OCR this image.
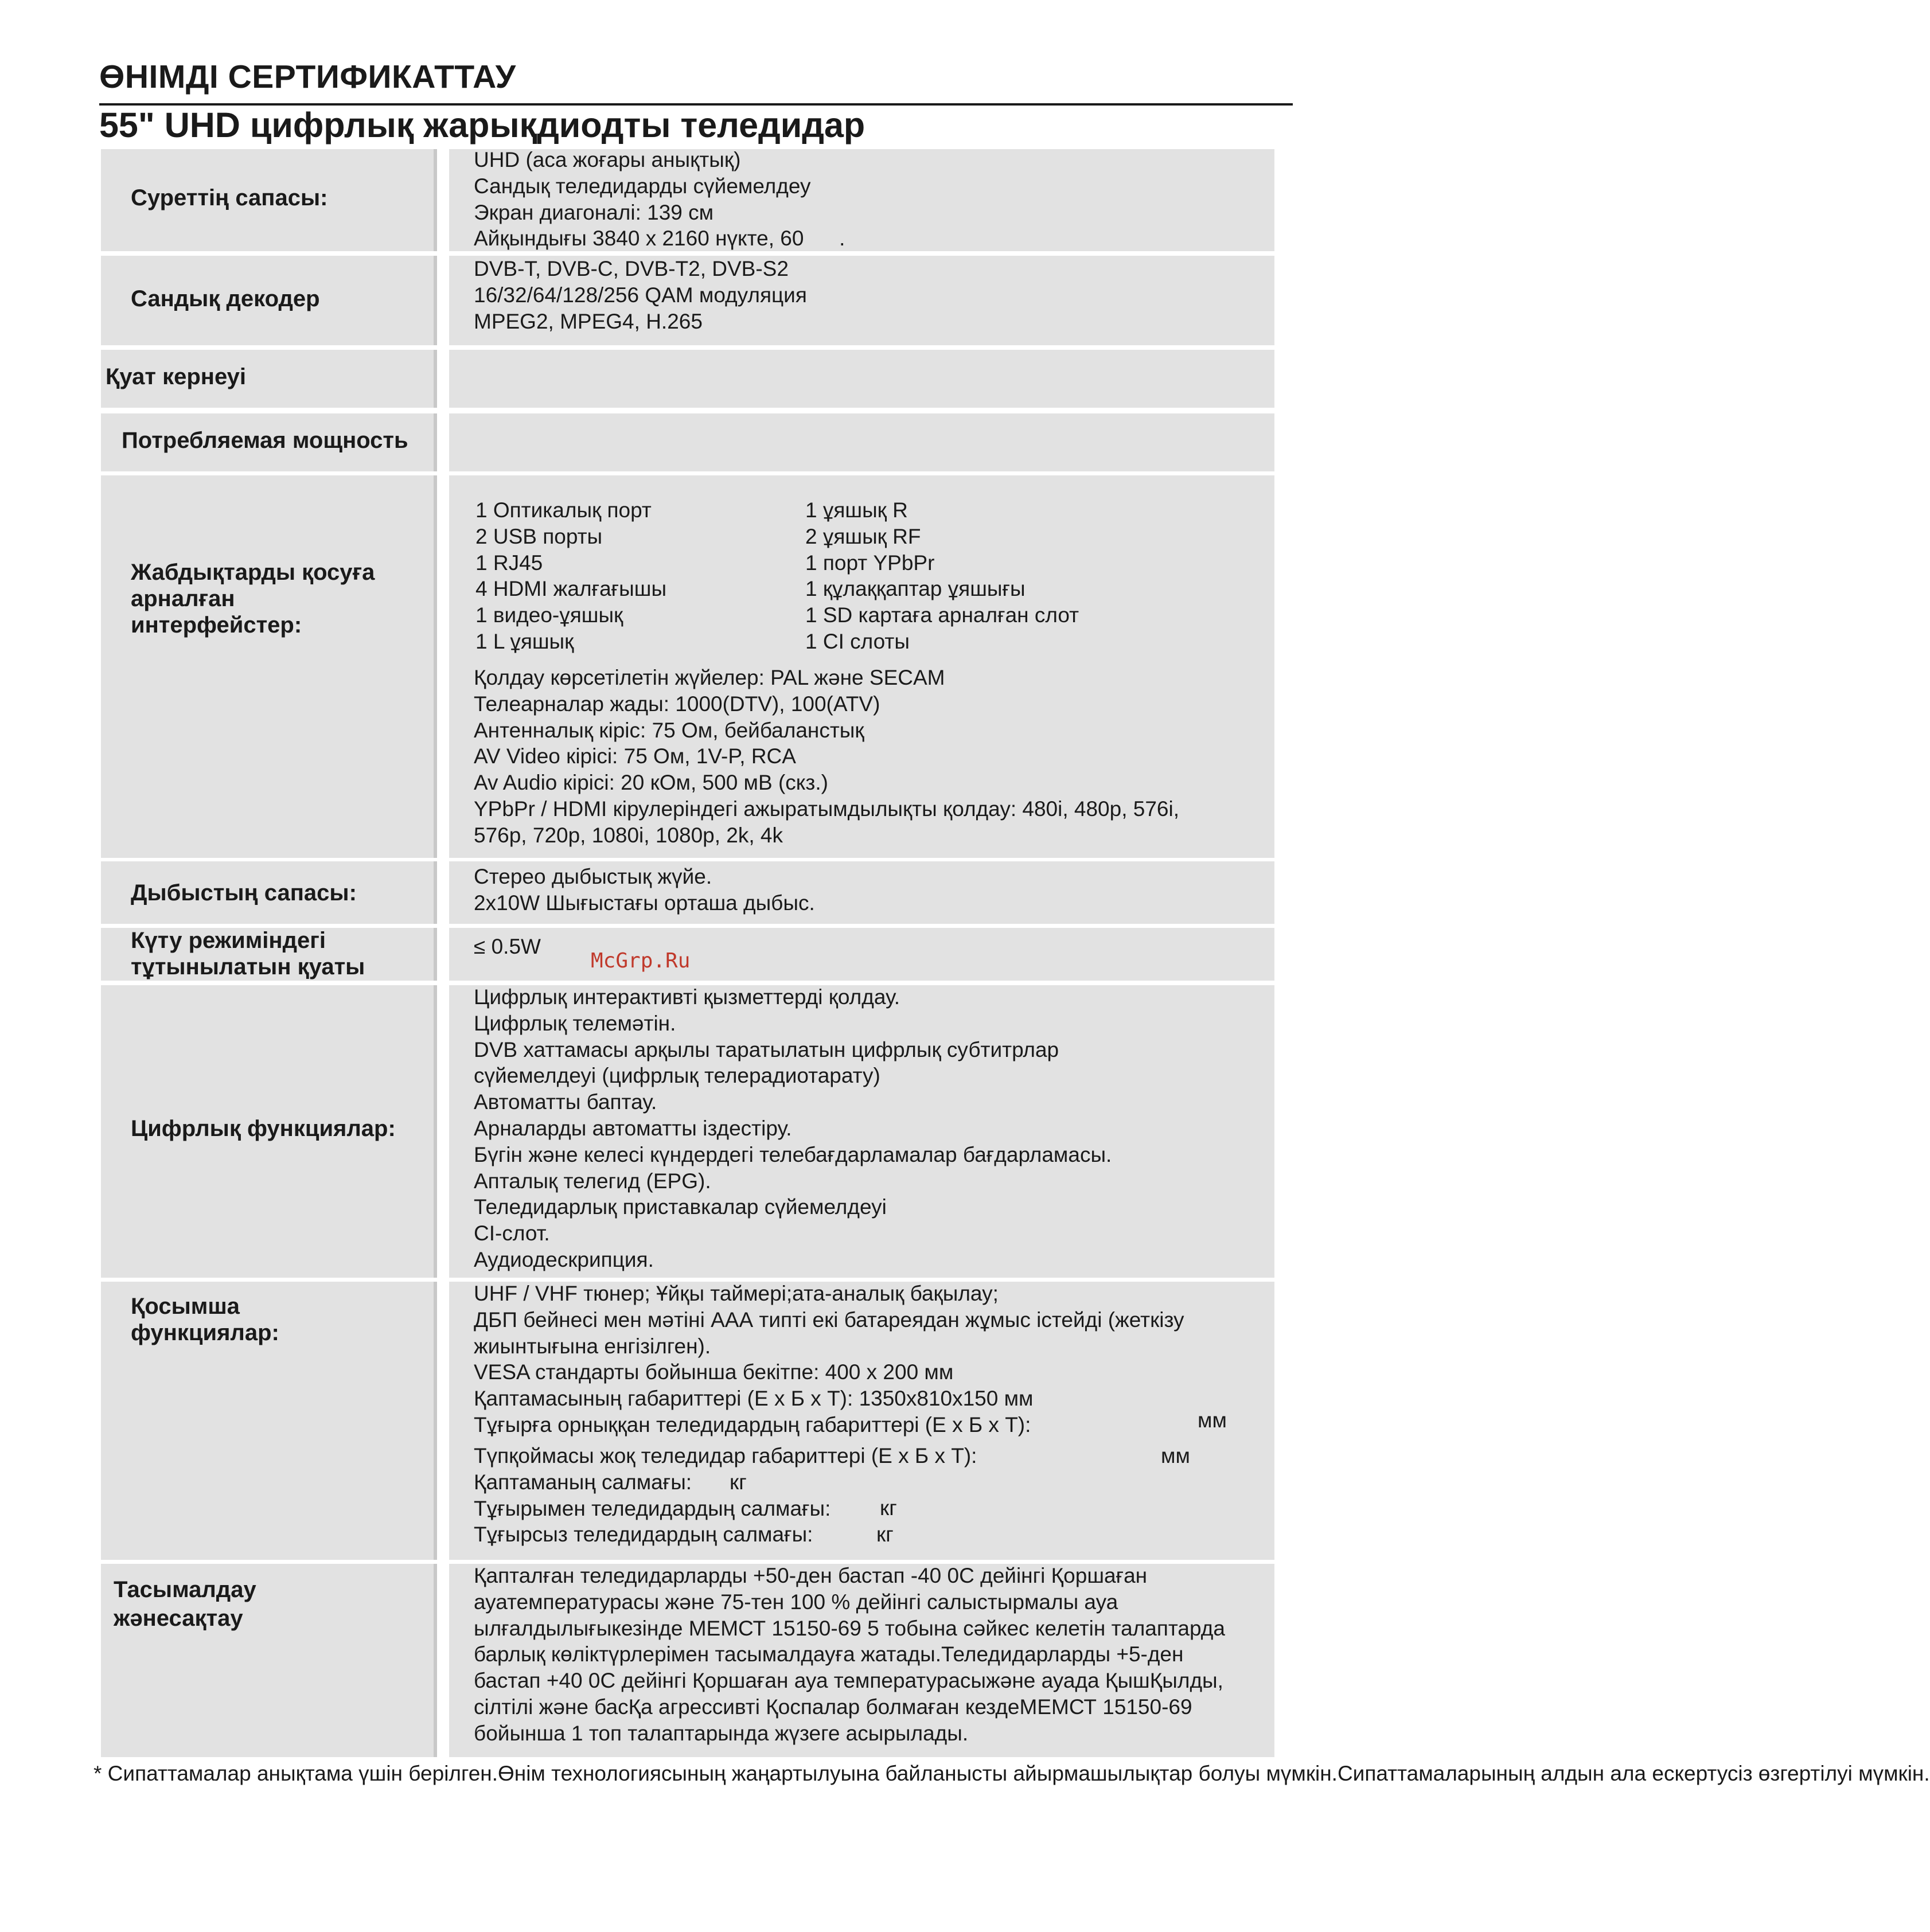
ӨНІМДІ СЕРТИФИКАТТАУ
55" UHD цифрлық жарықдиодты теледидар
Суреттің сапасы:
UHD (аса жоғары анықтық)
Сандық теледидарды сүйемелдеу
Экран диагоналі: 139 см
Айқындығы 3840 x 2160 нүкте, 60      .
Сандық декодер
DVB-T, DVB-C, DVB-T2, DVB-S2
16/32/64/128/256 QAM модуляция
MPEG2, MPEG4, H.265
Қуат кернеуі
Потребляемая мощность
Жабдықтарды қосуға
арналған
интерфейстер:
1 Оптикалық порт
2 USB порты
1 RJ45
4 HDMI жалғағышы
1 видео-ұяшық
1 L ұяшық
1 ұяшық R
2 ұяшық RF
1 порт YPbPr
1 құлаққаптар ұяшығы
1 SD картаға арналған слот
1 CI слоты
Қолдау көрсетілетін жүйелер: PAL және SECAM
Телеарналар жады: 1000(DTV), 100(ATV)
Антенналық кіріс: 75 Ом, бейбаланстық
AV Video кірісі: 75 Ом, 1V-P, RCA
Av Audio кірісі: 20 кОм, 500 мВ (скз.)
YPbPr / HDMI кірулеріндегі ажыратымдылықты қолдау: 480i, 480p, 576i,
576p, 720p, 1080i, 1080p, 2k, 4k
Дыбыстың сапасы:
Стерео дыбыстық жүйе.
2x10W Шығыстағы орташа дыбыс.
Күту режиміндегі
тұтынылатын қуаты
≤ 0.5W
Цифрлық функциялар:
Цифрлық интерактивті қызметтерді қолдау.
Цифрлық телемәтін.
DVB хаттамасы арқылы таратылатын цифрлық субтитрлар
сүйемелдеуі (цифрлық телерадиотарату)
Автоматты баптау.
Арналарды автоматты іздестіру.
Бүгін және келесі күндердегі телебағдарламалар бағдарламасы.
Апталық телегид (EPG).
Теледидарлық приставкалар сүйемелдеуі
CI-слот.
Аудиодескрипция.
Қосымша
функциялар:
UHF / VHF тюнер; Ұйқы таймері;ата-аналық бақылау;
ДБП бейнесі мен мәтіні ААА типті екі батареядан жұмыс істейді (жеткізу
жиынтығына енгізілген).
VESA стандарты бойынша бекітпе: 400 x 200 мм
Қаптамасының габариттері (Е х Б х Т): 1350x810x150 мм
Тұғырға орныққан теледидардың габариттері (Е х Б х Т):	мм
Түпқоймасы жоқ теледидар габариттері (Е х Б х Т):
Қаптаманың салмағы:
Тұғырымен теледидардың салмағы:
Тұғырсыз теледидардың салмағы:
мм
кг
кг
кг
Тасымалдау
жәнесақтау
Қапталған теледидарларды +50-ден бастап -40 0С дейінгі Қоршаған
ауатемпературасы және 75-тен 100 % дейінгі салыстырмалы ауа
ылғалдылығыкезінде МЕМСТ 15150-69 5 тобына сәйкес келетін талаптарда
барлық көліктүрлерімен тасымалдауға жатады.Теледидарларды +5-ден
бастап +40 0С дейінгі Қоршаған ауа температурасыжәне ауада ҚышҚылды,
сілтілі және басҚа агрессивті Қоспалар болмаған кездеМЕМСТ 15150-69
бойынша 1 топ талаптарында жүзеге асырылады.
McGrp.Ru
* Сипаттамалар анықтама үшін берілген.Өнім технологиясының жаңартылуына байланысты айырмашылықтар болуы мүмкін.Сипаттамаларының алдын ала ескертусіз өзгертілуі мүмкін.
